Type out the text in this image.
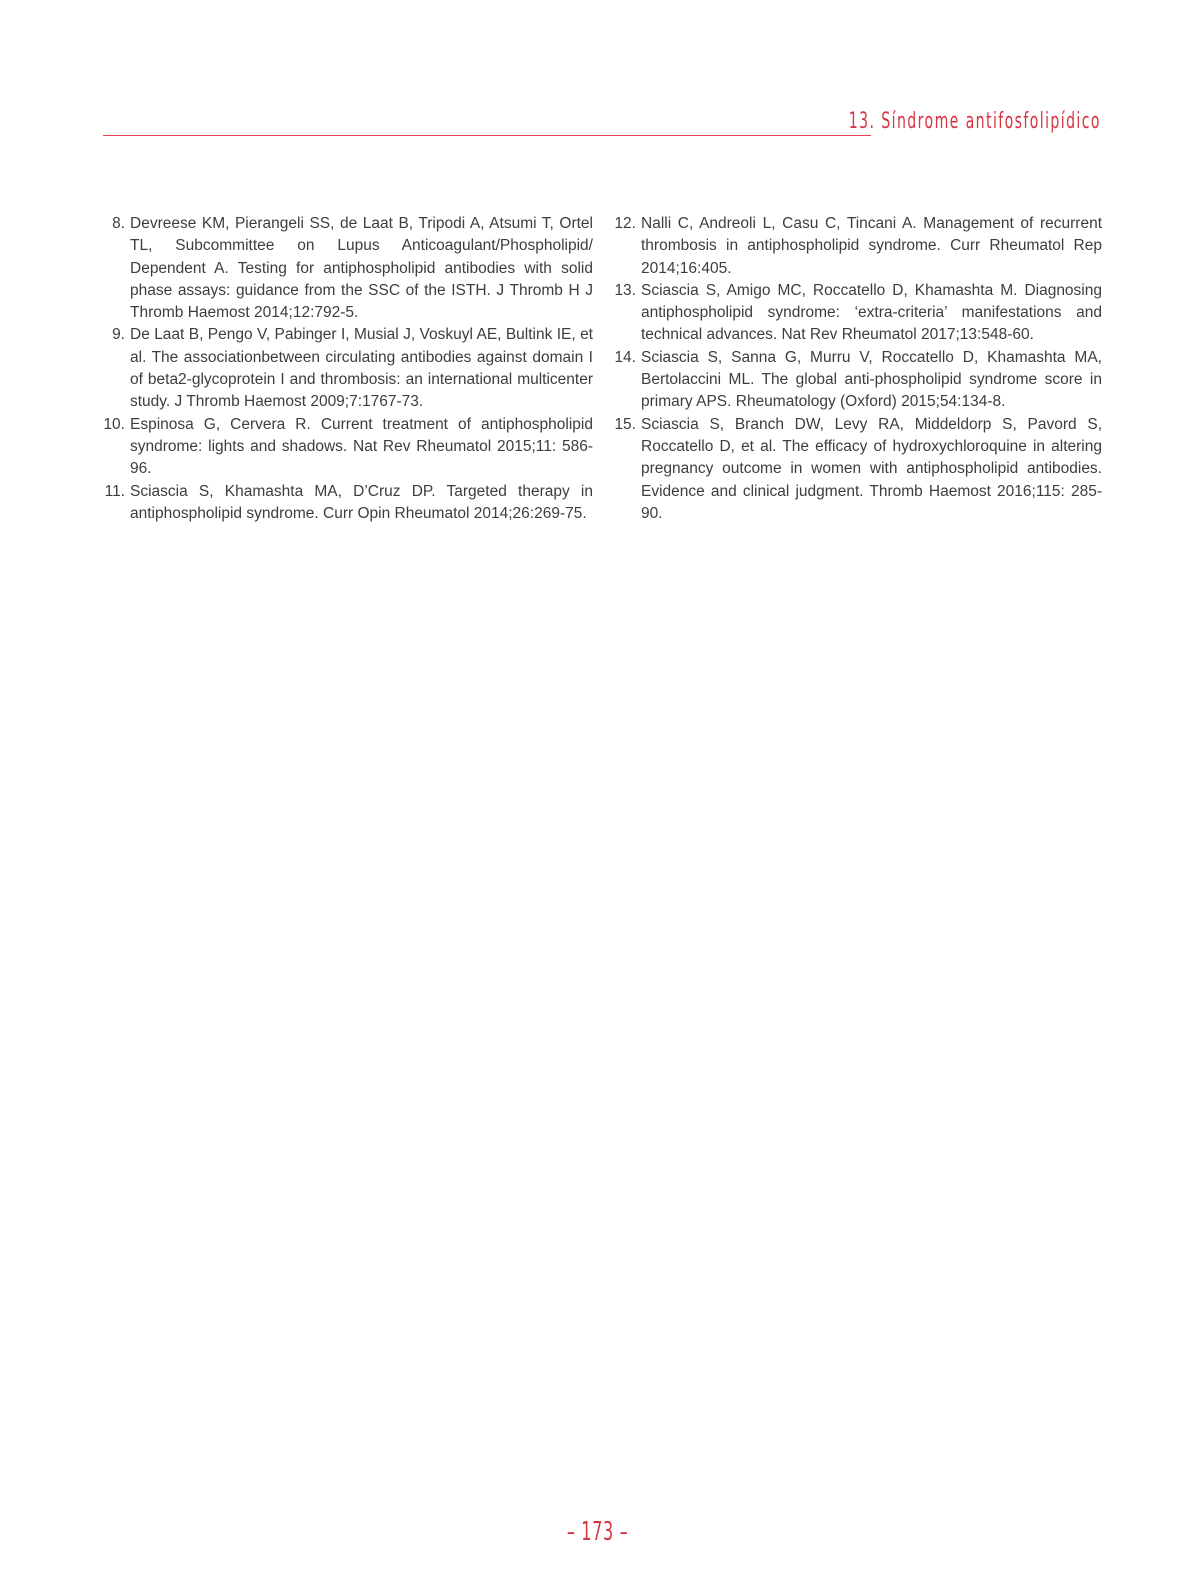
13. Síndrome antifosfolipídico
8. Devreese KM, Pierangeli SS, de Laat B, Tripodi A, Atsumi T, Ortel TL, Subcommittee on Lupus Anticoagulant/Phospholipid/ Dependent A. Testing for antiphospholipid antibodies with solid phase assays: guidance from the SSC of the ISTH. J Thromb H J Thromb Haemost 2014;12:792-5.
9. De Laat B, Pengo V, Pabinger I, Musial J, Voskuyl AE, Bultink IE, et al. The associationbetween circulating antibodies against domain I of beta2-glycoprotein I and thrombosis: an international multicenter study. J Thromb Haemost 2009;7:1767-73.
10. Espinosa G, Cervera R. Current treatment of antiphospholipid syndrome: lights and shadows. Nat Rev Rheumatol 2015;11: 586-96.
11. Sciascia S, Khamashta MA, D’Cruz DP. Targeted therapy in antiphospholipid syndrome. Curr Opin Rheumatol 2014;26:269-75.
12. Nalli C, Andreoli L, Casu C, Tincani A. Management of recurrent thrombosis in antiphospholipid syndrome. Curr Rheumatol Rep 2014;16:405.
13. Sciascia S, Amigo MC, Roccatello D, Khamashta M. Diagnosing antiphospholipid syndrome: ‘extra-criteria’ manifestations and technical advances. Nat Rev Rheumatol 2017;13:548-60.
14. Sciascia S, Sanna G, Murru V, Roccatello D, Khamashta MA, Bertolaccini ML. The global anti-phospholipid syndrome score in primary APS. Rheumatology (Oxford) 2015;54:134-8.
15. Sciascia S, Branch DW, Levy RA, Middeldorp S, Pavord S, Roccatello D, et al. The efficacy of hydroxychloroquine in altering pregnancy outcome in women with antiphospholipid antibodies. Evidence and clinical judgment. Thromb Haemost 2016;115: 285-90.
– 173 –
